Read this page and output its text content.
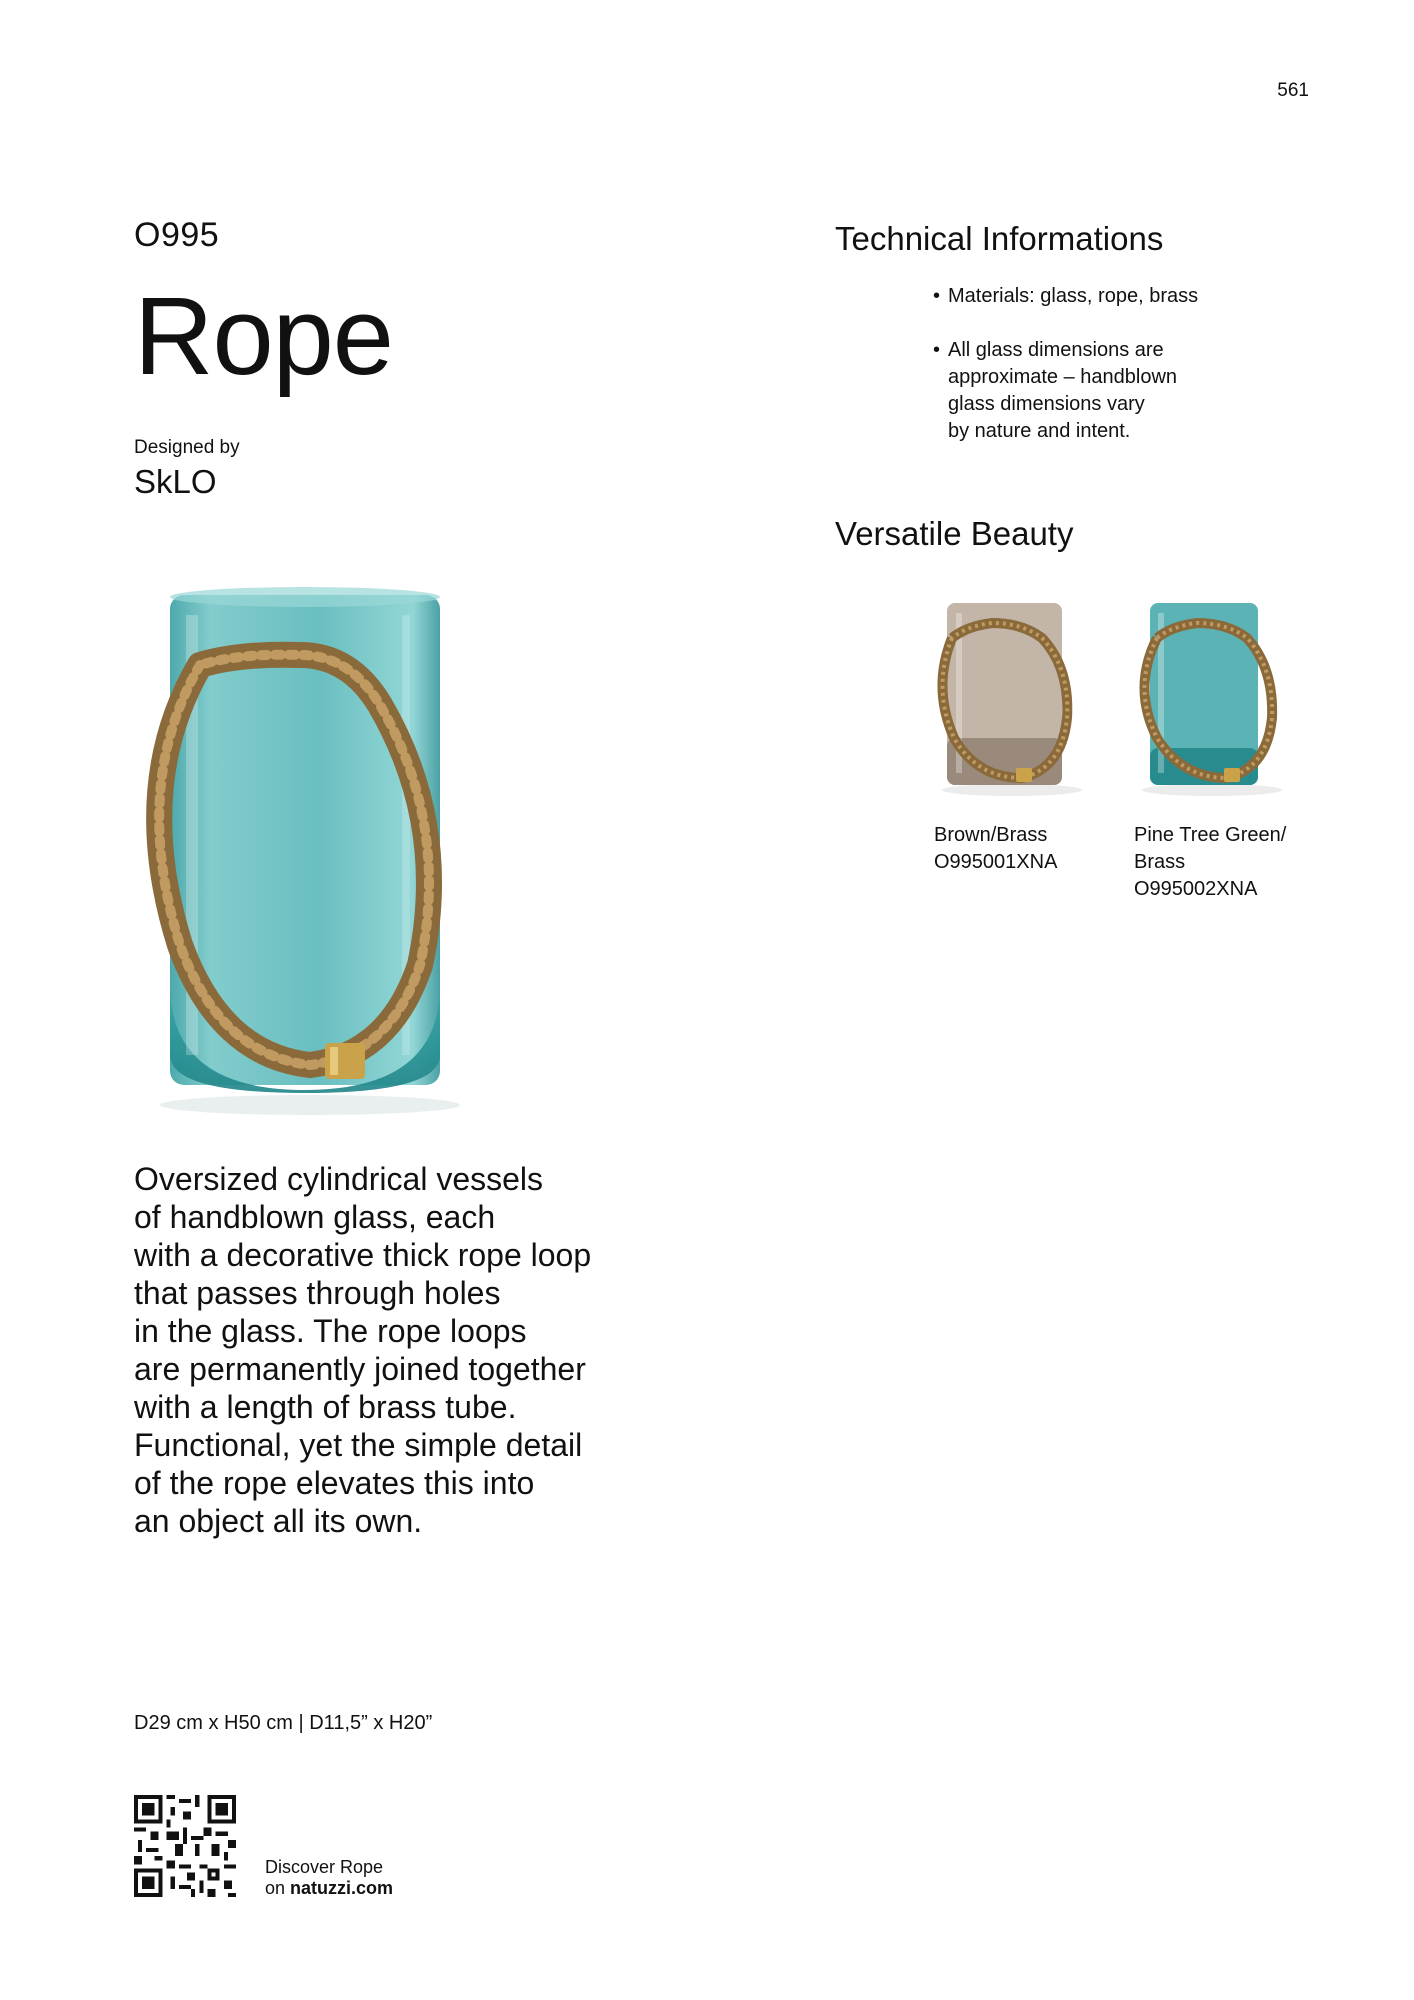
561
O995
Rope
Designed by
SkLO

Oversized cylindrical vessels
of handblown glass, each
with a decorative thick rope loop
that passes through holes
in the glass. The rope loops
are permanently joined together
with a length of brass tube.
Functional, yet the simple detail
of the rope elevates this into
an object all its own.

D29 cm x H50 cm | D11,5” x H20”
Discover Rope
on natuzzi.com
Technical Informations
• Materials: glass, rope, brass
• All glass dimensions are
approximate – handblown
glass dimensions vary
by nature and intent.
Versatile Beauty
Brown/Brass
O995001XNA
Pine Tree Green/
Brass
O995002XNA
